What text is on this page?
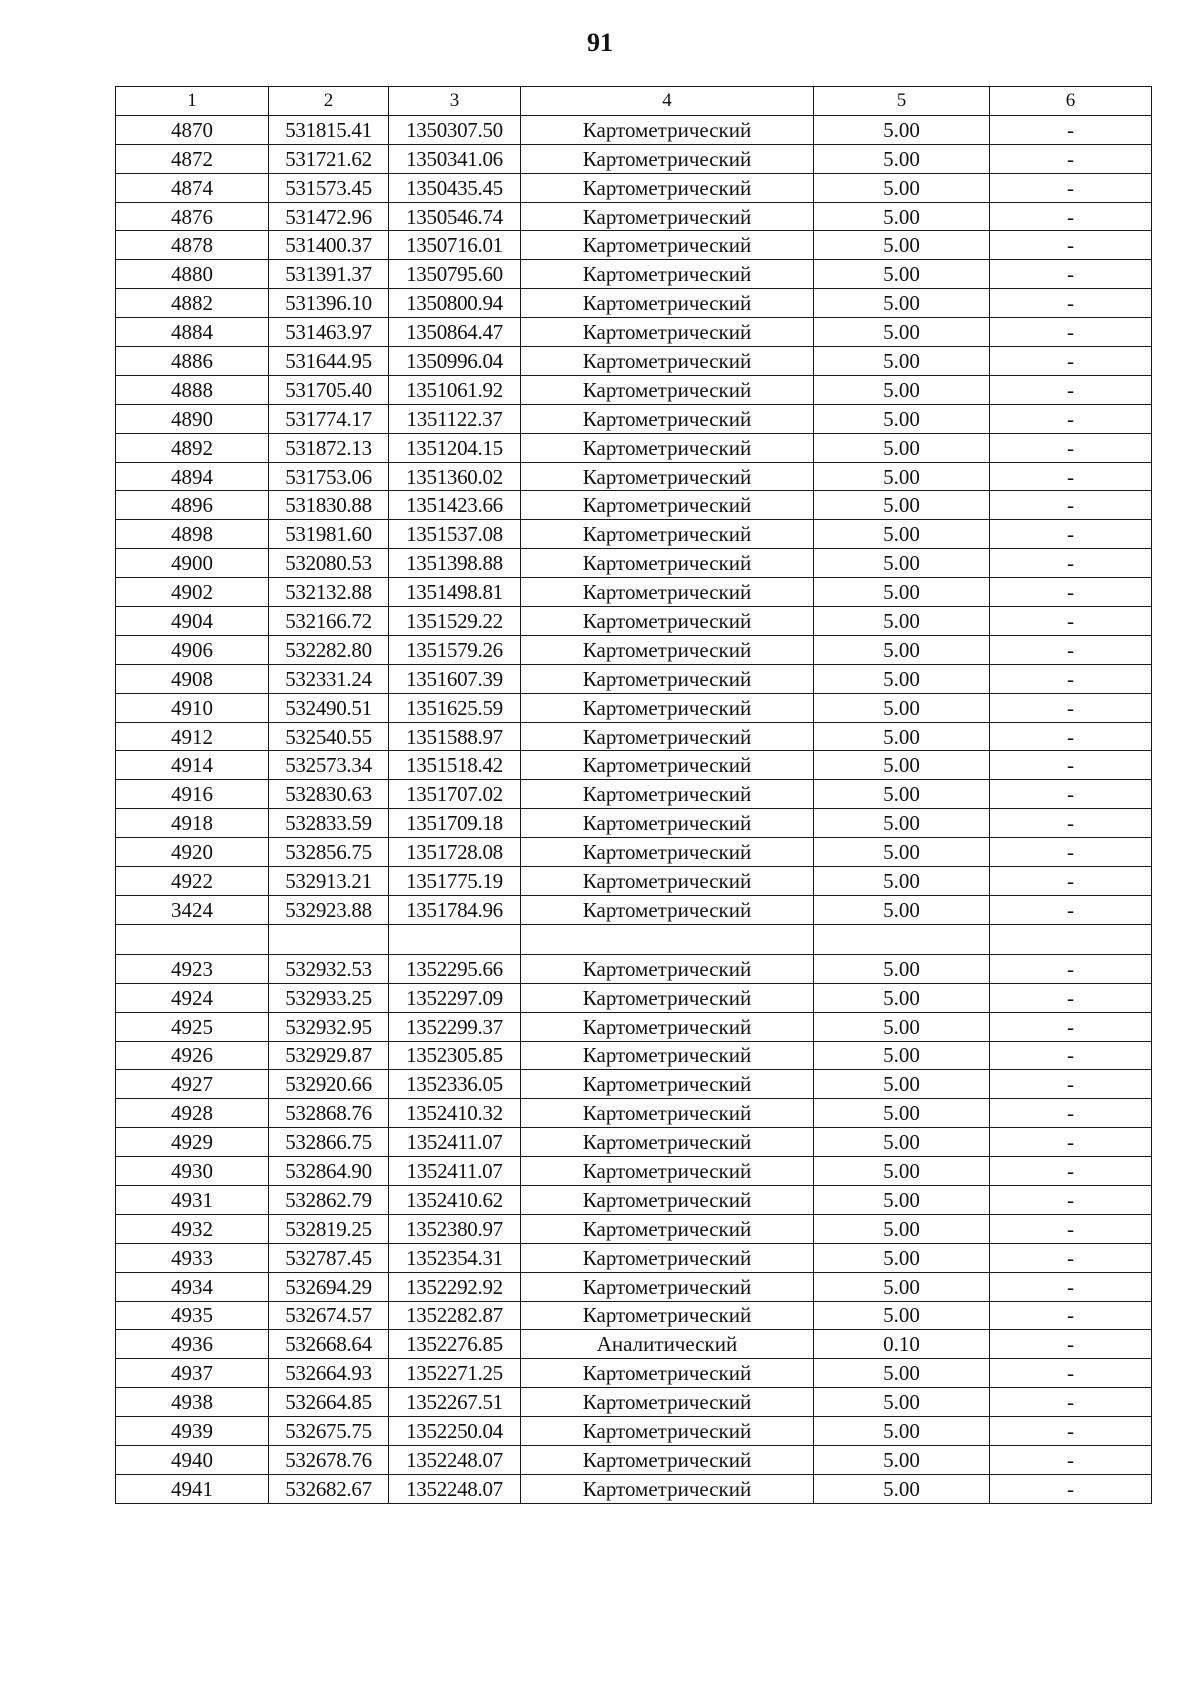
91
1	2	3	4	5	6
4870	531815.41	1350307.50	Картометрический	5.00	-
4872	531721.62	1350341.06	Картометрический	5.00	-
4874	531573.45	1350435.45	Картометрический	5.00	-
4876	531472.96	1350546.74	Картометрический	5.00	-
4878	531400.37	1350716.01	Картометрический	5.00	-
4880	531391.37	1350795.60	Картометрический	5.00	-
4882	531396.10	1350800.94	Картометрический	5.00	-
4884	531463.97	1350864.47	Картометрический	5.00	-
4886	531644.95	1350996.04	Картометрический	5.00	-
4888	531705.40	1351061.92	Картометрический	5.00	-
4890	531774.17	1351122.37	Картометрический	5.00	-
4892	531872.13	1351204.15	Картометрический	5.00	-
4894	531753.06	1351360.02	Картометрический	5.00	-
4896	531830.88	1351423.66	Картометрический	5.00	-
4898	531981.60	1351537.08	Картометрический	5.00	-
4900	532080.53	1351398.88	Картометрический	5.00	-
4902	532132.88	1351498.81	Картометрический	5.00	-
4904	532166.72	1351529.22	Картометрический	5.00	-
4906	532282.80	1351579.26	Картометрический	5.00	-
4908	532331.24	1351607.39	Картометрический	5.00	-
4910	532490.51	1351625.59	Картометрический	5.00	-
4912	532540.55	1351588.97	Картометрический	5.00	-
4914	532573.34	1351518.42	Картометрический	5.00	-
4916	532830.63	1351707.02	Картометрический	5.00	-
4918	532833.59	1351709.18	Картометрический	5.00	-
4920	532856.75	1351728.08	Картометрический	5.00	-
4922	532913.21	1351775.19	Картометрический	5.00	-
3424	532923.88	1351784.96	Картометрический	5.00	-

4923	532932.53	1352295.66	Картометрический	5.00	-
4924	532933.25	1352297.09	Картометрический	5.00	-
4925	532932.95	1352299.37	Картометрический	5.00	-
4926	532929.87	1352305.85	Картометрический	5.00	-
4927	532920.66	1352336.05	Картометрический	5.00	-
4928	532868.76	1352410.32	Картометрический	5.00	-
4929	532866.75	1352411.07	Картометрический	5.00	-
4930	532864.90	1352411.07	Картометрический	5.00	-
4931	532862.79	1352410.62	Картометрический	5.00	-
4932	532819.25	1352380.97	Картометрический	5.00	-
4933	532787.45	1352354.31	Картометрический	5.00	-
4934	532694.29	1352292.92	Картометрический	5.00	-
4935	532674.57	1352282.87	Картометрический	5.00	-
4936	532668.64	1352276.85	Аналитический	0.10	-
4937	532664.93	1352271.25	Картометрический	5.00	-
4938	532664.85	1352267.51	Картометрический	5.00	-
4939	532675.75	1352250.04	Картометрический	5.00	-
4940	532678.76	1352248.07	Картометрический	5.00	-
4941	532682.67	1352248.07	Картометрический	5.00	-
